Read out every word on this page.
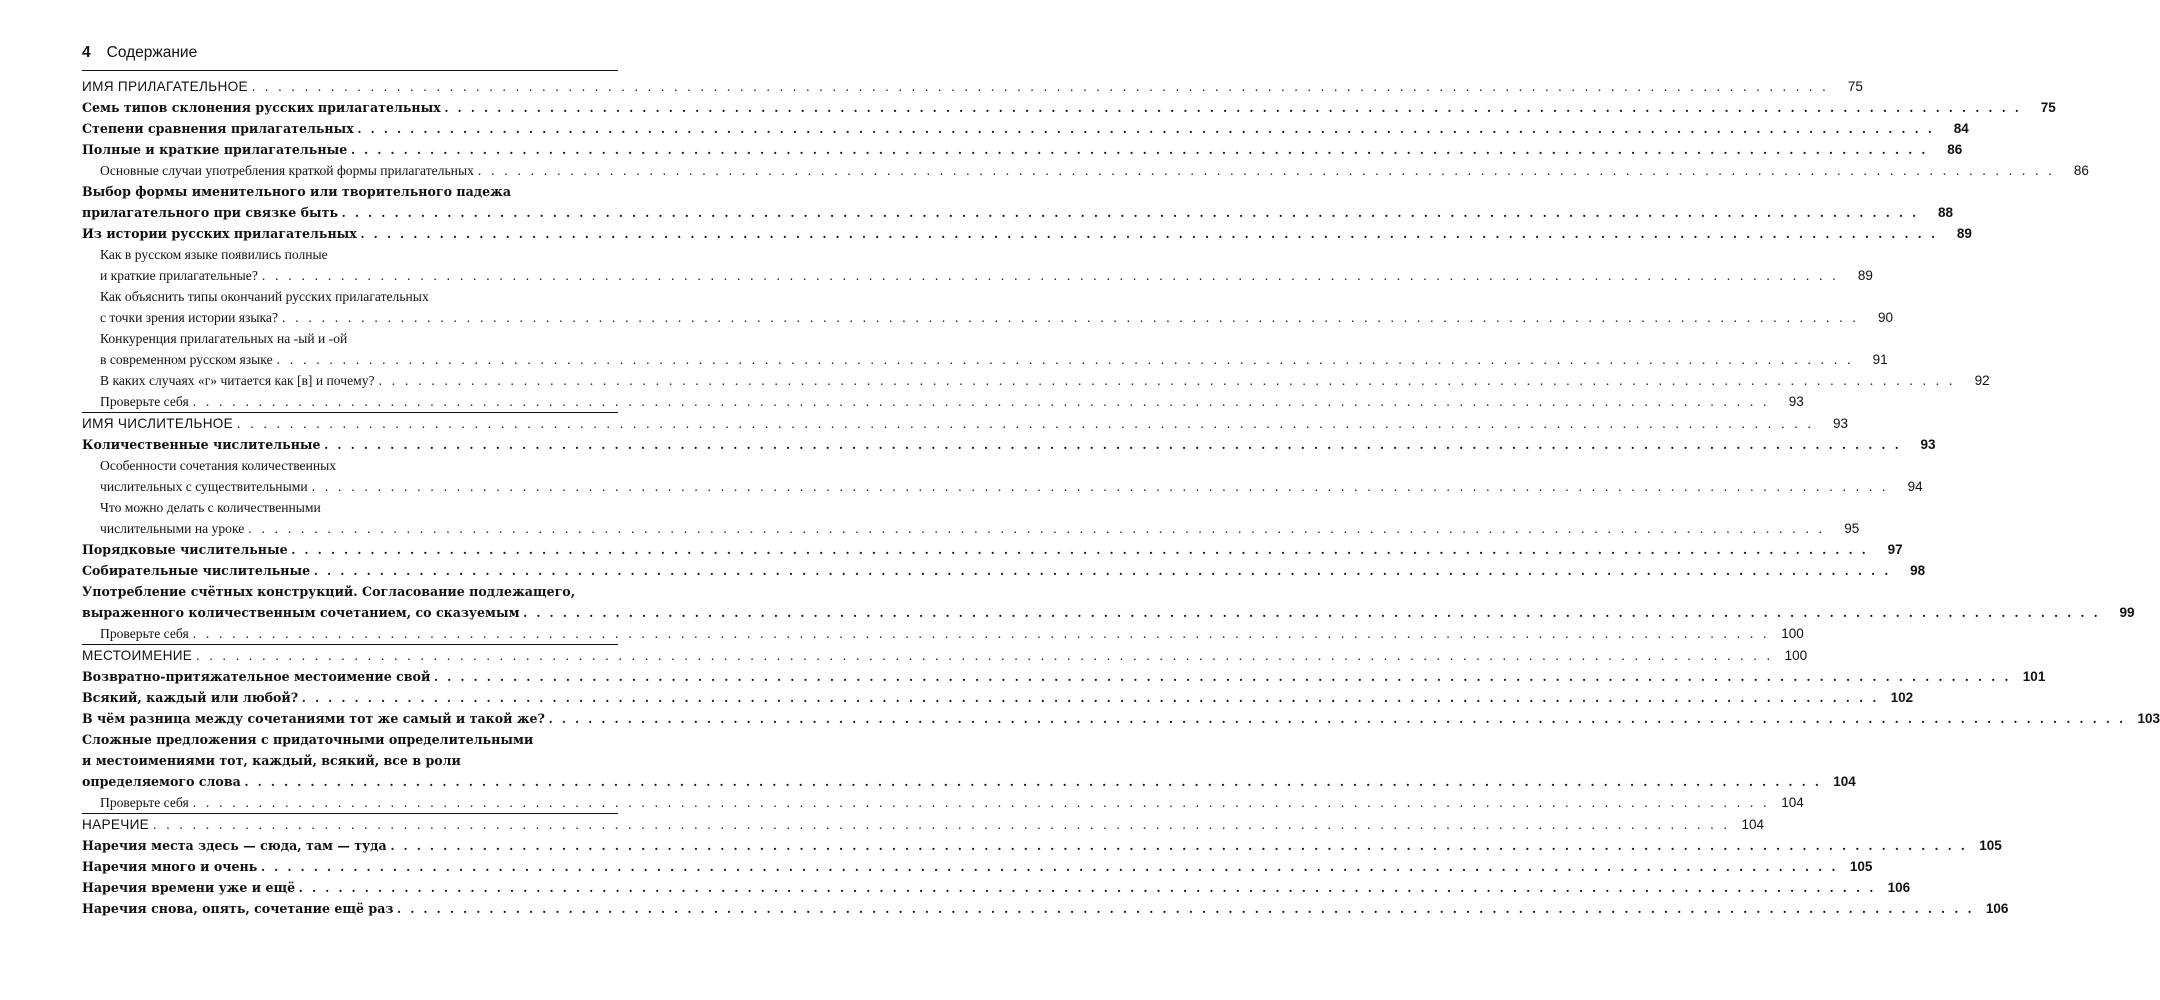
4 Содержание
ИМЯ ПРИЛАГАТЕЛЬНОЕ . . . . . . . . . . . . . . . . . . . . . . . . . . . . . . . . . . . . . . . . . . . . . . . . . . . . . . . . . . . . . . . . . . . . . . . . . . . . . . . . . . . . . . . . . . . . . . . . . . . . . . . . . . . . . . . . . . . . . . . .	75
Семь типов склонения русских прилагательных . . . . . . . . . . . . . . . . . . . . . . . . . . . . . . . . . . . . . . . . . . . . . . . . . . . . . . . . . . . . . . . . . . . . . . . . . . . . . . . . . . . . . . . . . . . . . . . . . . . . . . . . . . . . . . . . . . . . . . . .	75
Степени сравнения прилагательных . . . . . . . . . . . . . . . . . . . . . . . . . . . . . . . . . . . . . . . . . . . . . . . . . . . . . . . . . . . . . . . . . . . . . . . . . . . . . . . . . . . . . . . . . . . . . . . . . . . . . . . . . . . . . . . . . . . . . . . .	84
Полные и краткие прилагательные . . . . . . . . . . . . . . . . . . . . . . . . . . . . . . . . . . . . . . . . . . . . . . . . . . . . . . . . . . . . . . . . . . . . . . . . . . . . . . . . . . . . . . . . . . . . . . . . . . . . . . . . . . . . . . . . . . . . . . . .	86
Основные случаи употребления краткой формы прилагательных . . . . . . . . . . . . . . . . . . . . . . . . . . . . . . . . . . . . . . . . . . . . . . . . . . . . . . . . . . . . . . . . . . . . . . . . . . . . . . . . . . . . . . . . . . . . . . . . . . . . . . . . . . . . . . . . . . . . . . . .	86
Выбор формы именительного или творительного падежа
прилагательного при связке быть . . . . . . . . . . . . . . . . . . . . . . . . . . . . . . . . . . . . . . . . . . . . . . . . . . . . . . . . . . . . . . . . . . . . . . . . . . . . . . . . . . . . . . . . . . . . . . . . . . . . . . . . . . . . . . . . . . . . . . . .	88
Из истории русских прилагательных . . . . . . . . . . . . . . . . . . . . . . . . . . . . . . . . . . . . . . . . . . . . . . . . . . . . . . . . . . . . . . . . . . . . . . . . . . . . . . . . . . . . . . . . . . . . . . . . . . . . . . . . . . . . . . . . . . . . . . . .	89
Как в русском языке появились полные
и краткие прилагательные? . . . . . . . . . . . . . . . . . . . . . . . . . . . . . . . . . . . . . . . . . . . . . . . . . . . . . . . . . . . . . . . . . . . . . . . . . . . . . . . . . . . . . . . . . . . . . . . . . . . . . . . . . . . . . . . . . . . . . . . .	89
Как объяснить типы окончаний русских прилагательных
с точки зрения истории языка? . . . . . . . . . . . . . . . . . . . . . . . . . . . . . . . . . . . . . . . . . . . . . . . . . . . . . . . . . . . . . . . . . . . . . . . . . . . . . . . . . . . . . . . . . . . . . . . . . . . . . . . . . . . . . . . . . . . . . . . .	90
Конкуренция прилагательных на -ый и -ой
в современном русском языке . . . . . . . . . . . . . . . . . . . . . . . . . . . . . . . . . . . . . . . . . . . . . . . . . . . . . . . . . . . . . . . . . . . . . . . . . . . . . . . . . . . . . . . . . . . . . . . . . . . . . . . . . . . . . . . . . . . . . . . .	91
В каких случаях «г» читается как [в] и почему? . . . . . . . . . . . . . . . . . . . . . . . . . . . . . . . . . . . . . . . . . . . . . . . . . . . . . . . . . . . . . . . . . . . . . . . . . . . . . . . . . . . . . . . . . . . . . . . . . . . . . . . . . . . . . . . . . . . . . . . .	92
Проверьте себя . . . . . . . . . . . . . . . . . . . . . . . . . . . . . . . . . . . . . . . . . . . . . . . . . . . . . . . . . . . . . . . . . . . . . . . . . . . . . . . . . . . . . . . . . . . . . . . . . . . . . . . . . . . . . . . . . . . . . . . .	93
ИМЯ ЧИСЛИТЕЛЬНОЕ . . . . . . . . . . . . . . . . . . . . . . . . . . . . . . . . . . . . . . . . . . . . . . . . . . . . . . . . . . . . . . . . . . . . . . . . . . . . . . . . . . . . . . . . . . . . . . . . . . . . . . . . . . . . . . . . . . . . . . . .	93
Количественные числительные . . . . . . . . . . . . . . . . . . . . . . . . . . . . . . . . . . . . . . . . . . . . . . . . . . . . . . . . . . . . . . . . . . . . . . . . . . . . . . . . . . . . . . . . . . . . . . . . . . . . . . . . . . . . . . . . . . . . . . . .	93
Особенности сочетания количественных
числительных с существительными . . . . . . . . . . . . . . . . . . . . . . . . . . . . . . . . . . . . . . . . . . . . . . . . . . . . . . . . . . . . . . . . . . . . . . . . . . . . . . . . . . . . . . . . . . . . . . . . . . . . . . . . . . . . . . . . . . . . . . . .	94
Что можно делать с количественными
числительными на уроке . . . . . . . . . . . . . . . . . . . . . . . . . . . . . . . . . . . . . . . . . . . . . . . . . . . . . . . . . . . . . . . . . . . . . . . . . . . . . . . . . . . . . . . . . . . . . . . . . . . . . . . . . . . . . . . . . . . . . . . .	95
Порядковые числительные . . . . . . . . . . . . . . . . . . . . . . . . . . . . . . . . . . . . . . . . . . . . . . . . . . . . . . . . . . . . . . . . . . . . . . . . . . . . . . . . . . . . . . . . . . . . . . . . . . . . . . . . . . . . . . . . . . . . . . . .	97
Собирательные числительные . . . . . . . . . . . . . . . . . . . . . . . . . . . . . . . . . . . . . . . . . . . . . . . . . . . . . . . . . . . . . . . . . . . . . . . . . . . . . . . . . . . . . . . . . . . . . . . . . . . . . . . . . . . . . . . . . . . . . . . .	98
Употребление счётных конструкций. Согласование подлежащего,
выраженного количественным сочетанием, со сказуемым . . . . . . . . . . . . . . . . . . . . . . . . . . . . . . . . . . . . . . . . . . . . . . . . . . . . . . . . . . . . . . . . . . . . . . . . . . . . . . . . . . . . . . . . . . . . . . . . . . . . . . . . . . . . . . . . . . . . . . . .	99
Проверьте себя . . . . . . . . . . . . . . . . . . . . . . . . . . . . . . . . . . . . . . . . . . . . . . . . . . . . . . . . . . . . . . . . . . . . . . . . . . . . . . . . . . . . . . . . . . . . . . . . . . . . . . . . . . . . . . . . . . . . . . . . 100
МЕСТОИМЕНИЕ . . . . . . . . . . . . . . . . . . . . . . . . . . . . . . . . . . . . . . . . . . . . . . . . . . . . . . . . . . . . . . . . . . . . . . . . . . . . . . . . . . . . . . . . . . . . . . . . . . . . . . . . . . . . . . . . . . . . . . . . 100
Возвратно-притяжательное местоимение свой . . . . . . . . . . . . . . . . . . . . . . . . . . . . . . . . . . . . . . . . . . . . . . . . . . . . . . . . . . . . . . . . . . . . . . . . . . . . . . . . . . . . . . . . . . . . . . . . . . . . . . . . . . . . . . . . . . . . . . . . 101
Всякий, каждый или любой? . . . . . . . . . . . . . . . . . . . . . . . . . . . . . . . . . . . . . . . . . . . . . . . . . . . . . . . . . . . . . . . . . . . . . . . . . . . . . . . . . . . . . . . . . . . . . . . . . . . . . . . . . . . . . . . . . . . . . . . . 102
В чём разница между сочетаниями тот же самый и такой же? . . . . . . . . . . . . . . . . . . . . . . . . . . . . . . . . . . . . . . . . . . . . . . . . . . . . . . . . . . . . . . . . . . . . . . . . . . . . . . . . . . . . . . . . . . . . . . . . . . . . . . . . . . . . . . . . . . . . . . . . 103
Сложные предложения с придаточными определительными
и местоимениями тот, каждый, всякий, все в роли
определяемого слова . . . . . . . . . . . . . . . . . . . . . . . . . . . . . . . . . . . . . . . . . . . . . . . . . . . . . . . . . . . . . . . . . . . . . . . . . . . . . . . . . . . . . . . . . . . . . . . . . . . . . . . . . . . . . . . . . . . . . . . . 104
Проверьте себя . . . . . . . . . . . . . . . . . . . . . . . . . . . . . . . . . . . . . . . . . . . . . . . . . . . . . . . . . . . . . . . . . . . . . . . . . . . . . . . . . . . . . . . . . . . . . . . . . . . . . . . . . . . . . . . . . . . . . . . . 104
НАРЕЧИЕ . . . . . . . . . . . . . . . . . . . . . . . . . . . . . . . . . . . . . . . . . . . . . . . . . . . . . . . . . . . . . . . . . . . . . . . . . . . . . . . . . . . . . . . . . . . . . . . . . . . . . . . . . . . . . . . . . . . . . . . . 104
Наречия места здесь — сюда, там — туда . . . . . . . . . . . . . . . . . . . . . . . . . . . . . . . . . . . . . . . . . . . . . . . . . . . . . . . . . . . . . . . . . . . . . . . . . . . . . . . . . . . . . . . . . . . . . . . . . . . . . . . . . . . . . . . . . . . . . . . . 105
Наречия много и очень . . . . . . . . . . . . . . . . . . . . . . . . . . . . . . . . . . . . . . . . . . . . . . . . . . . . . . . . . . . . . . . . . . . . . . . . . . . . . . . . . . . . . . . . . . . . . . . . . . . . . . . . . . . . . . . . . . . . . . . . 105
Наречия времени уже и ещё . . . . . . . . . . . . . . . . . . . . . . . . . . . . . . . . . . . . . . . . . . . . . . . . . . . . . . . . . . . . . . . . . . . . . . . . . . . . . . . . . . . . . . . . . . . . . . . . . . . . . . . . . . . . . . . . . . . . . . . . 106
Наречия снова, опять, сочетание ещё раз . . . . . . . . . . . . . . . . . . . . . . . . . . . . . . . . . . . . . . . . . . . . . . . . . . . . . . . . . . . . . . . . . . . . . . . . . . . . . . . . . . . . . . . . . . . . . . . . . . . . . . . . . . . . . . . . . . . . . . . . 106
